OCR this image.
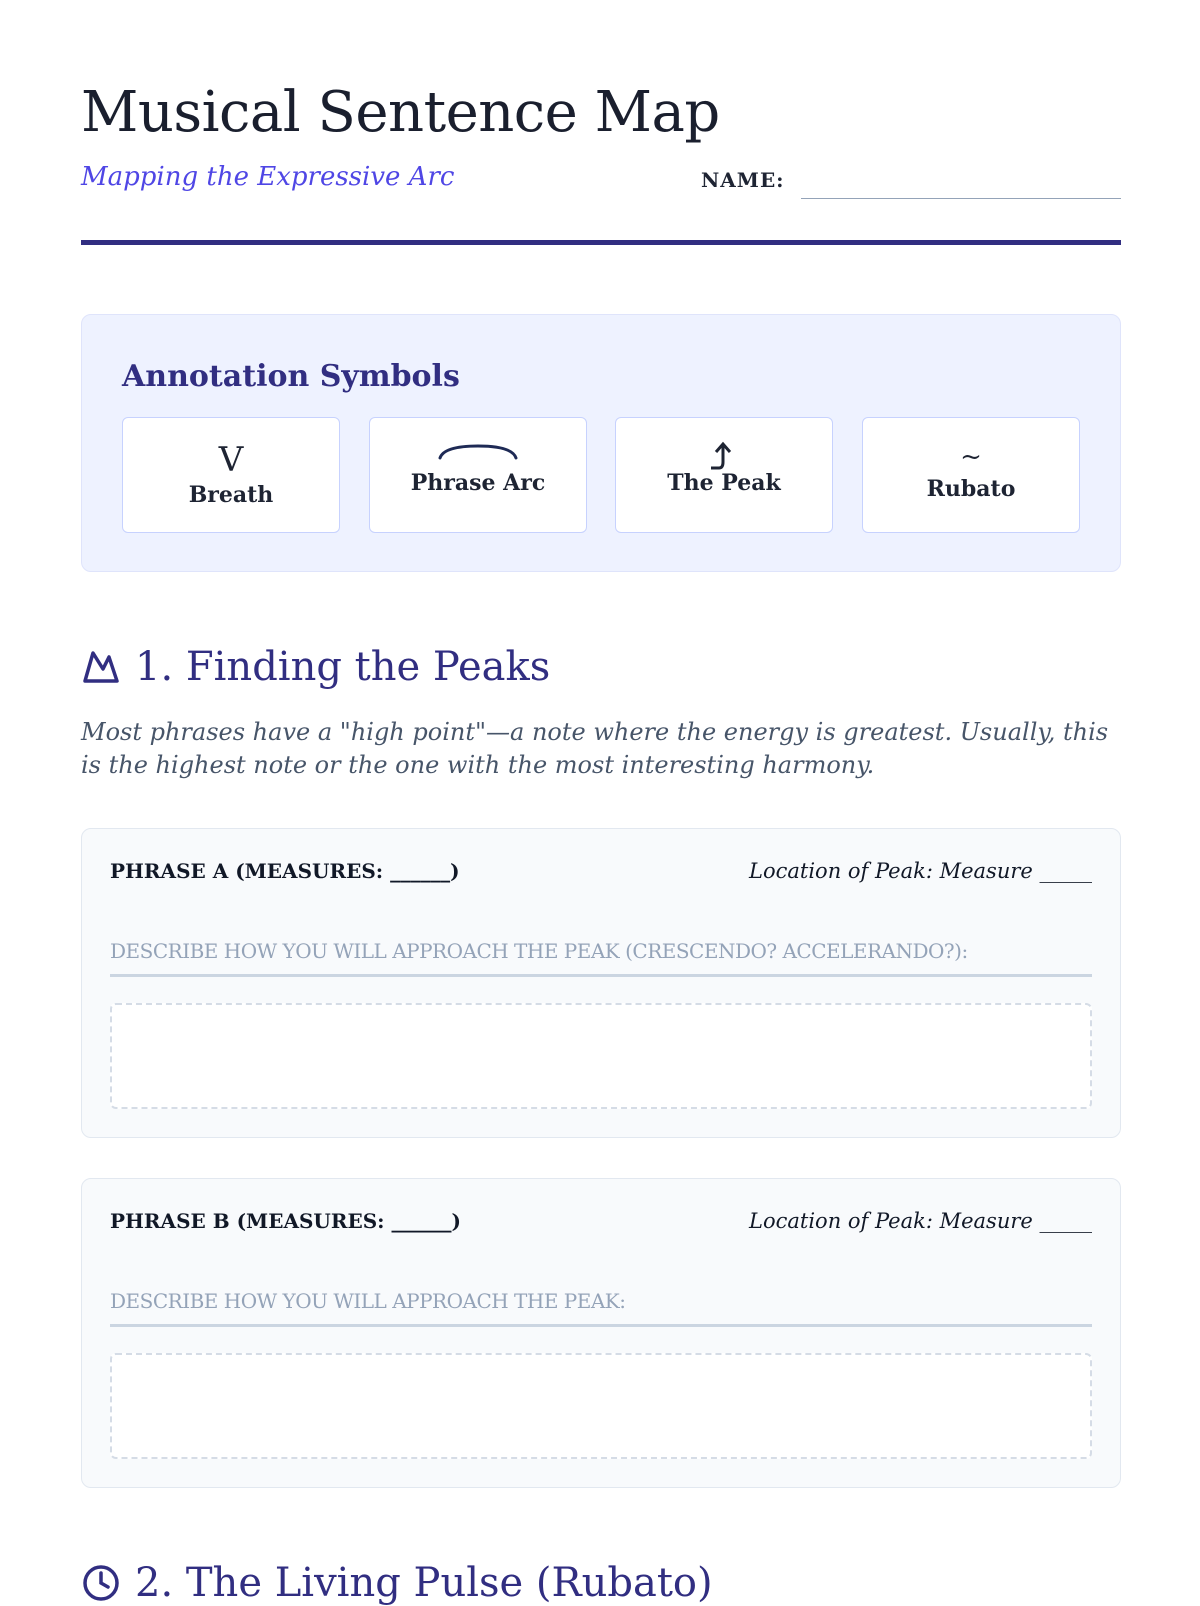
Musical Sentence Map
Mapping the Expressive Arc	NAME:
Annotation Symbols
V
Breath	Phrase Arc	The Peak
~
Rubato
1. Finding the Peaks
Most phrases have a "high point"—a note where the energy is greatest. Usually, this is the highest note or the one with the most interesting harmony.
PHRASE A (MEASURES: ______)	Location of Peak: Measure _____
DESCRIBE HOW YOU WILL APPROACH THE PEAK (CRESCENDO? ACCELERANDO?):
PHRASE B (MEASURES: ______)	Location of Peak: Measure _____
DESCRIBE HOW YOU WILL APPROACH THE PEAK:
2. The Living Pulse (Rubato)
